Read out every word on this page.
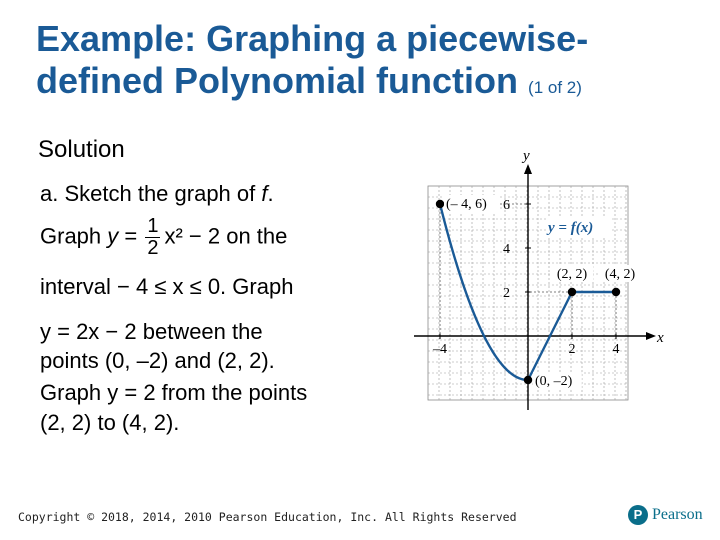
Example: Graphing a piecewise-defined Polynomial function (1 of 2)
Solution
a. Sketch the graph of f.
Graph $y = \frac{1}{2} x^2 - 2$ on the
interval − 4 ≤ x ≤ 0. Graph
y = 2x − 2 between the
points (0, –2) and (2, 2).
Graph y = 2 from the points
(2, 2) to (4, 2).
x
y
–4	2	4
2
4
6
(– 4, 6)
(0, –2)
(2, 2) (4, 2)
y = f(x)
Copyright © 2018, 2014, 2010 Pearson Education, Inc. All Rights Reserved	P Pearson
